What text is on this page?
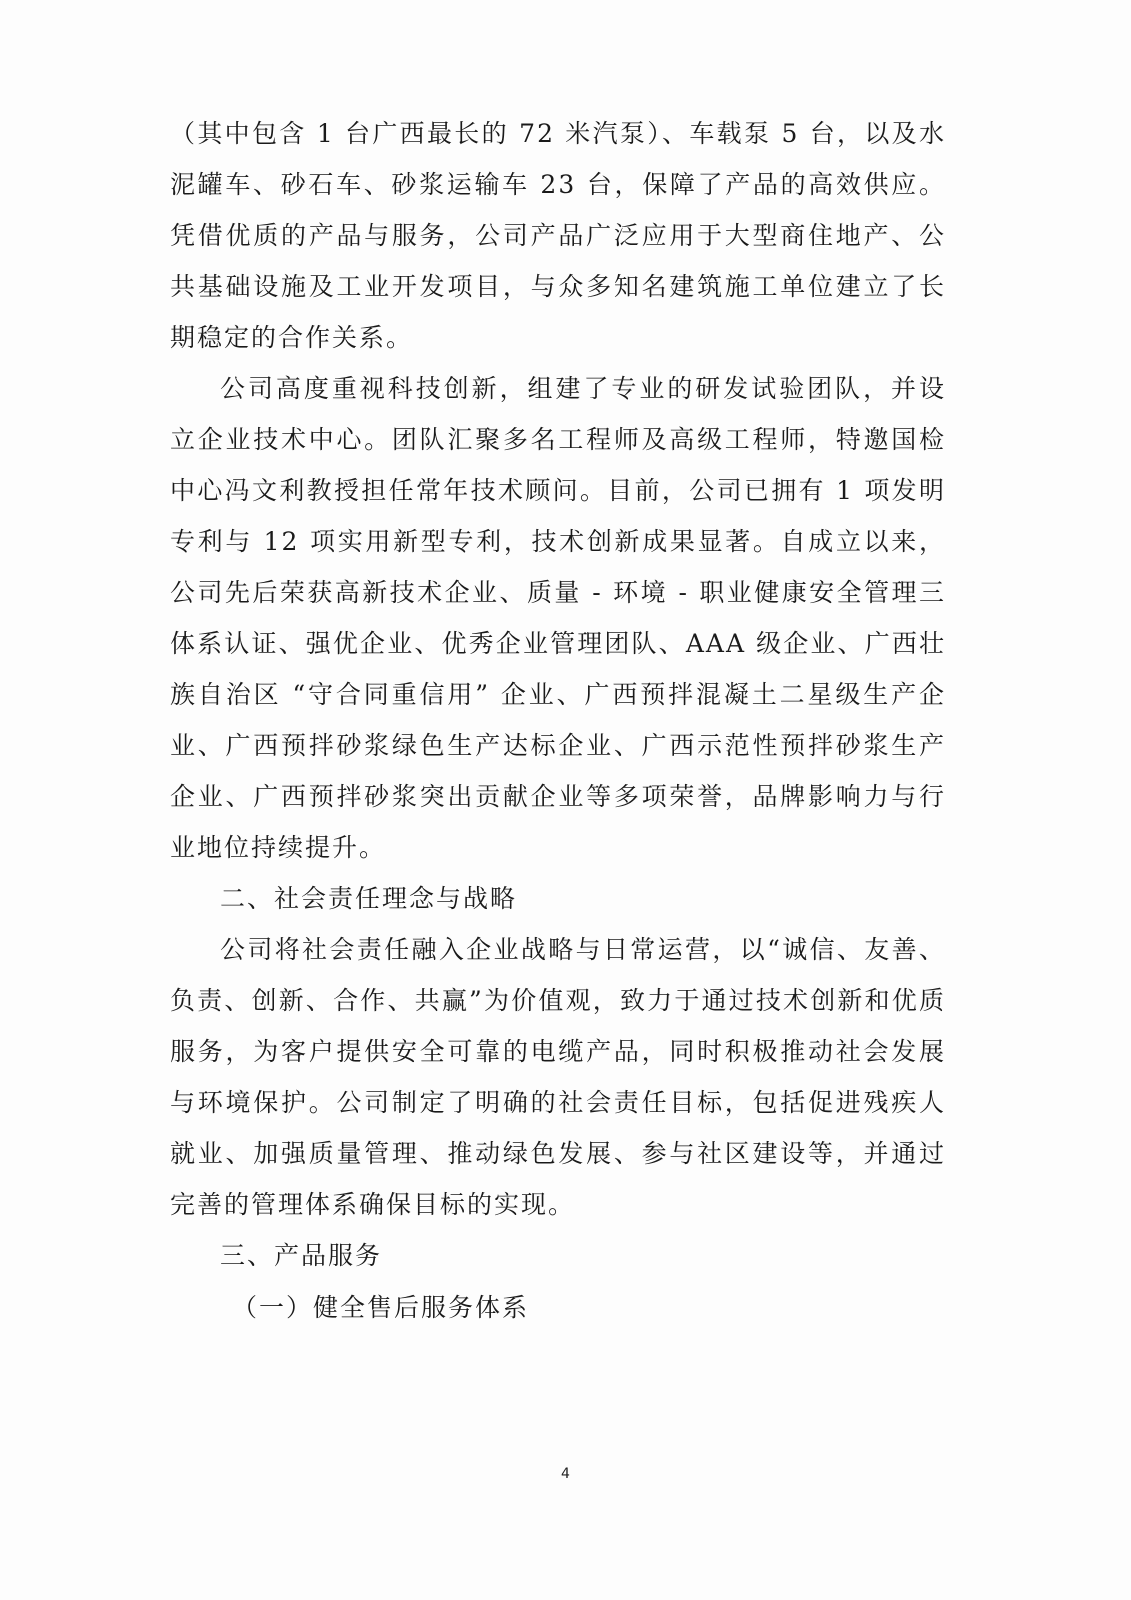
（其中包含 1 台广西最长的 72 米汽泵）、车载泵 5 台，以及水泥罐车、砂石车、砂浆运输车 23 台，保障了产品的高效供应。凭借优质的产品与服务，公司产品广泛应用于大型商住地产、公共基础设施及工业开发项目，与众多知名建筑施工单位建立了长期稳定的合作关系。

公司高度重视科技创新，组建了专业的研发试验团队，并设立企业技术中心。团队汇聚多名工程师及高级工程师，特邀国检中心冯文利教授担任常年技术顾问。目前，公司已拥有 1 项发明专利与 12 项实用新型专利，技术创新成果显著。自成立以来，公司先后荣获高新技术企业、质量 - 环境 - 职业健康安全管理三体系认证、强优企业、优秀企业管理团队、AAA 级企业、广西壮族自治区 “守合同重信用” 企业、广西预拌混凝土二星级生产企业、广西预拌砂浆绿色生产达标企业、广西示范性预拌砂浆生产企业、广西预拌砂浆突出贡献企业等多项荣誉，品牌影响力与行业地位持续提升。

二、社会责任理念与战略

公司将社会责任融入企业战略与日常运营，以“诚信、友善、负责、创新、合作、共赢”为价值观，致力于通过技术创新和优质服务，为客户提供安全可靠的电缆产品，同时积极推动社会发展与环境保护。公司制定了明确的社会责任目标，包括促进残疾人就业、加强质量管理、推动绿色发展、参与社区建设等，并通过完善的管理体系确保目标的实现。

三、产品服务

（一）健全售后服务体系

4
